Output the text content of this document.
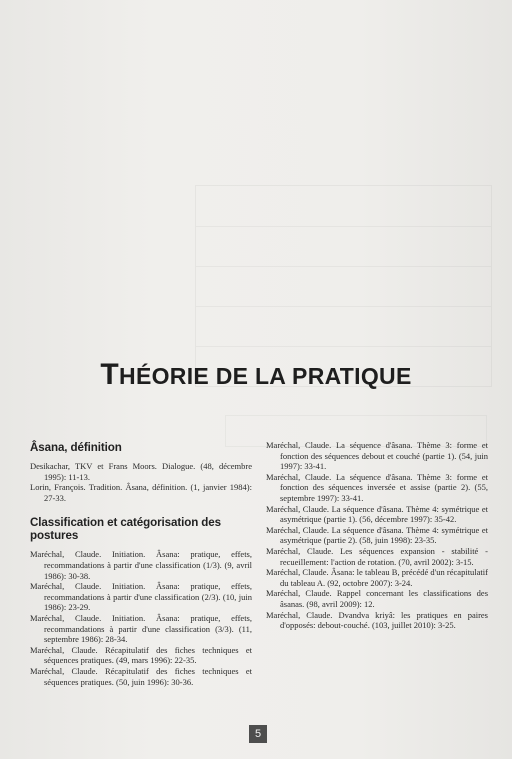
THÉORIE DE LA PRATIQUE
Âsana, définition

Desikachar, TKV et Frans Moors. Dialogue. (48, décembre 1995): 11-13.

Lorin, François. Tradition. Âsana, définition. (1, janvier 1984): 27-33.

Classification et catégorisation des postures

Maréchal, Claude. Initiation. Âsana: pratique, effets, recommandations à partir d'une classification (1/3). (9, avril 1986): 30-38.

Maréchal, Claude. Initiation. Âsana: pratique, effets, recommandations à partir d'une classification (2/3). (10, juin 1986): 23-29.

Maréchal, Claude. Initiation. Âsana: pratique, effets, recommandations à partir d'une classification (3/3). (11, septembre 1986): 28-34.

Maréchal, Claude. Récapitulatif des fiches techniques et séquences pratiques. (49, mars 1996): 22-35.

Maréchal, Claude. Récapitulatif des fiches techniques et séquences pratiques. (50, juin 1996): 30-36.

Maréchal, Claude. La séquence d'âsana. Thème 3: forme et fonction des séquences debout et couché (partie 1). (54, juin 1997): 33-41.

Maréchal, Claude. La séquence d'âsana. Thème 3: forme et fonction des séquences inversée et assise (partie 2). (55, septembre 1997): 33-41.

Maréchal, Claude. La séquence d'âsana. Thème 4: symétrique et asymétrique (partie 1). (56, décembre 1997): 35-42.

Maréchal, Claude. La séquence d'âsana. Thème 4: symétrique et asymétrique (partie 2). (58, juin 1998): 23-35.

Maréchal, Claude. Les séquences expansion - stabilité - recueillement: l'action de rotation. (70, avril 2002): 3-15.

Maréchal, Claude. Âsana: le tableau B, précédé d'un récapitulatif du tableau A. (92, octobre 2007): 3-24.

Maréchal, Claude. Rappel concernant les classifications des âsanas. (98, avril 2009): 12.

Maréchal, Claude. Dvandva kriyâ: les pratiques en paires d'opposés: debout-couché. (103, juillet 2010): 3-25.

5
